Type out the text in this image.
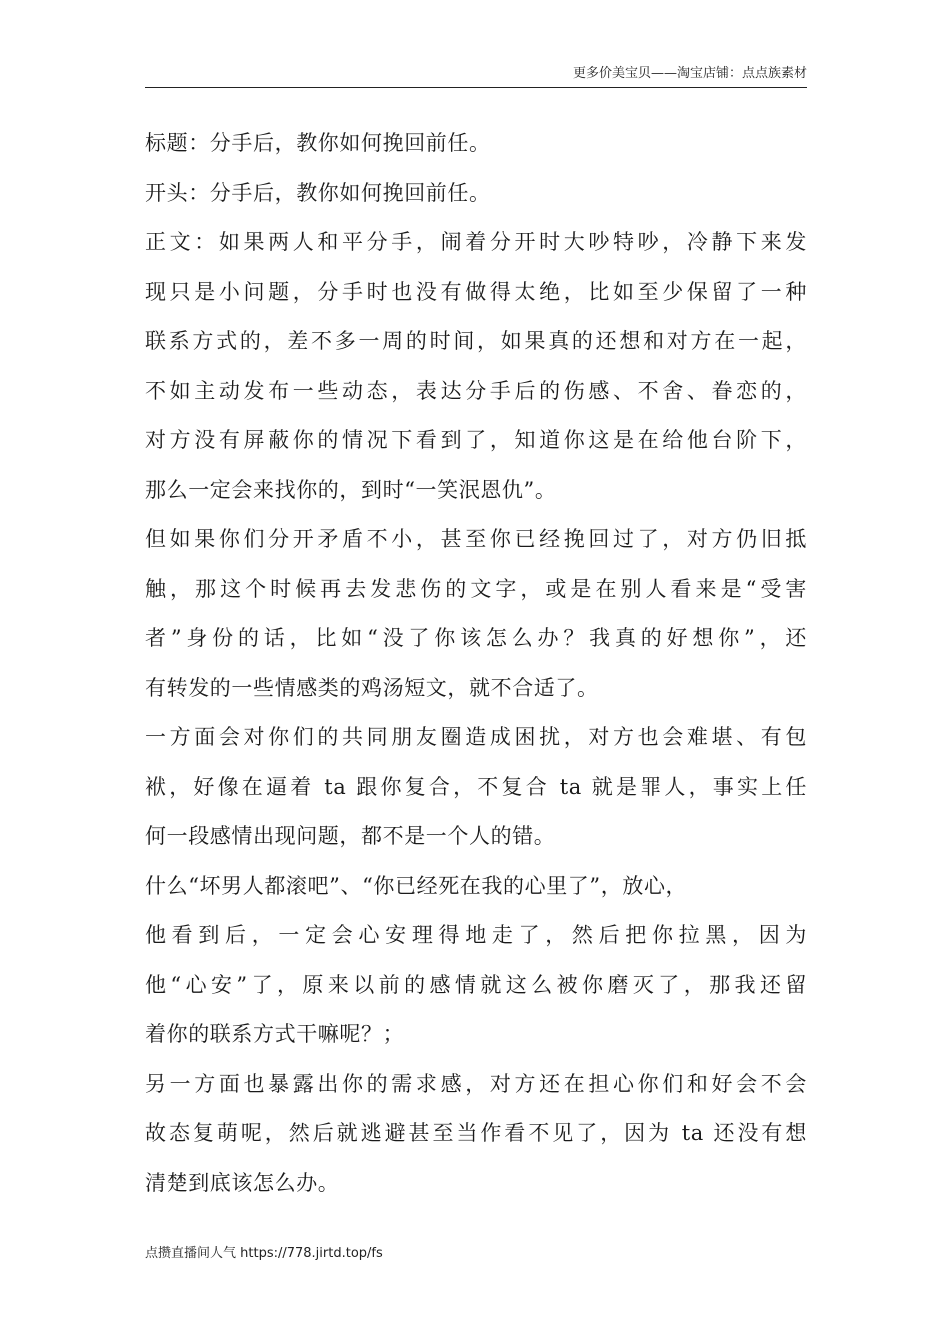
更多价美宝贝——淘宝店铺：点点族素材
标题：分手后，教你如何挽回前任。
开头：分手后，教你如何挽回前任。
正文：如果两人和平分手，闹着分开时大吵特吵，冷静下来发
现只是小问题，分手时也没有做得太绝，比如至少保留了一种
联系方式的，差不多一周的时间，如果真的还想和对方在一起，
不如主动发布一些动态，表达分手后的伤感、不舍、眷恋的，
对方没有屏蔽你的情况下看到了，知道你这是在给他台阶下，
那么一定会来找你的，到时“一笑泯恩仇”。
但如果你们分开矛盾不小，甚至你已经挽回过了，对方仍旧抵
触，那这个时候再去发悲伤的文字，或是在别人看来是“受害
者”身份的话，比如“没了你该怎么办？我真的好想你”，还
有转发的一些情感类的鸡汤短文，就不合适了。
一方面会对你们的共同朋友圈造成困扰，对方也会难堪、有包
袱，好像在逼着 ta 跟你复合，不复合 ta 就是罪人，事实上任
何一段感情出现问题，都不是一个人的错。
什么“坏男人都滚吧”、“你已经死在我的心里了”，放心，
他看到后，一定会心安理得地走了，然后把你拉黑，因为
他“心安”了，原来以前的感情就这么被你磨灭了，那我还留
着你的联系方式干嘛呢？；
另一方面也暴露出你的需求感，对方还在担心你们和好会不会
故态复萌呢，然后就逃避甚至当作看不见了，因为 ta 还没有想
清楚到底该怎么办。
点攒直播间人气 https://778.jirtd.top/fs
